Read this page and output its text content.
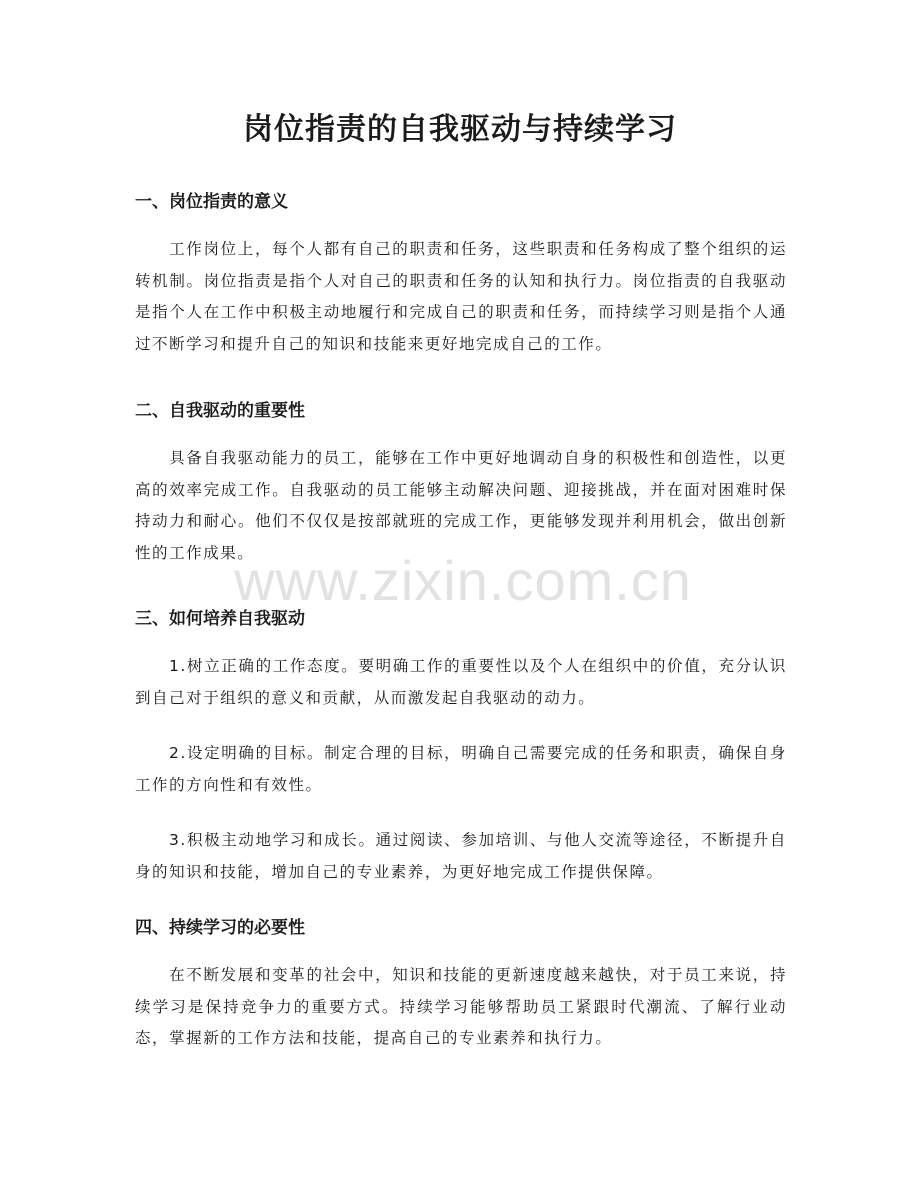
岗位指责的自我驱动与持续学习
一、岗位指责的意义

工作岗位上，每个人都有自己的职责和任务，这些职责和任务构成了整个组织的运转机制。岗位指责是指个人对自己的职责和任务的认知和执行力。岗位指责的自我驱动是指个人在工作中积极主动地履行和完成自己的职责和任务，而持续学习则是指个人通过不断学习和提升自己的知识和技能来更好地完成自己的工作。

二、自我驱动的重要性

具备自我驱动能力的员工，能够在工作中更好地调动自身的积极性和创造性，以更高的效率完成工作。自我驱动的员工能够主动解决问题、迎接挑战，并在面对困难时保持动力和耐心。他们不仅仅是按部就班的完成工作，更能够发现并利用机会，做出创新性的工作成果。

三、如何培养自我驱动

1.树立正确的工作态度。要明确工作的重要性以及个人在组织中的价值，充分认识到自己对于组织的意义和贡献，从而激发起自我驱动的动力。

2.设定明确的目标。制定合理的目标，明确自己需要完成的任务和职责，确保自身工作的方向性和有效性。

3.积极主动地学习和成长。通过阅读、参加培训、与他人交流等途径，不断提升自身的知识和技能，增加自己的专业素养，为更好地完成工作提供保障。

四、持续学习的必要性

在不断发展和变革的社会中，知识和技能的更新速度越来越快，对于员工来说，持续学习是保持竞争力的重要方式。持续学习能够帮助员工紧跟时代潮流、了解行业动态，掌握新的工作方法和技能，提高自己的专业素养和执行力。

www.zixin.com.cn
